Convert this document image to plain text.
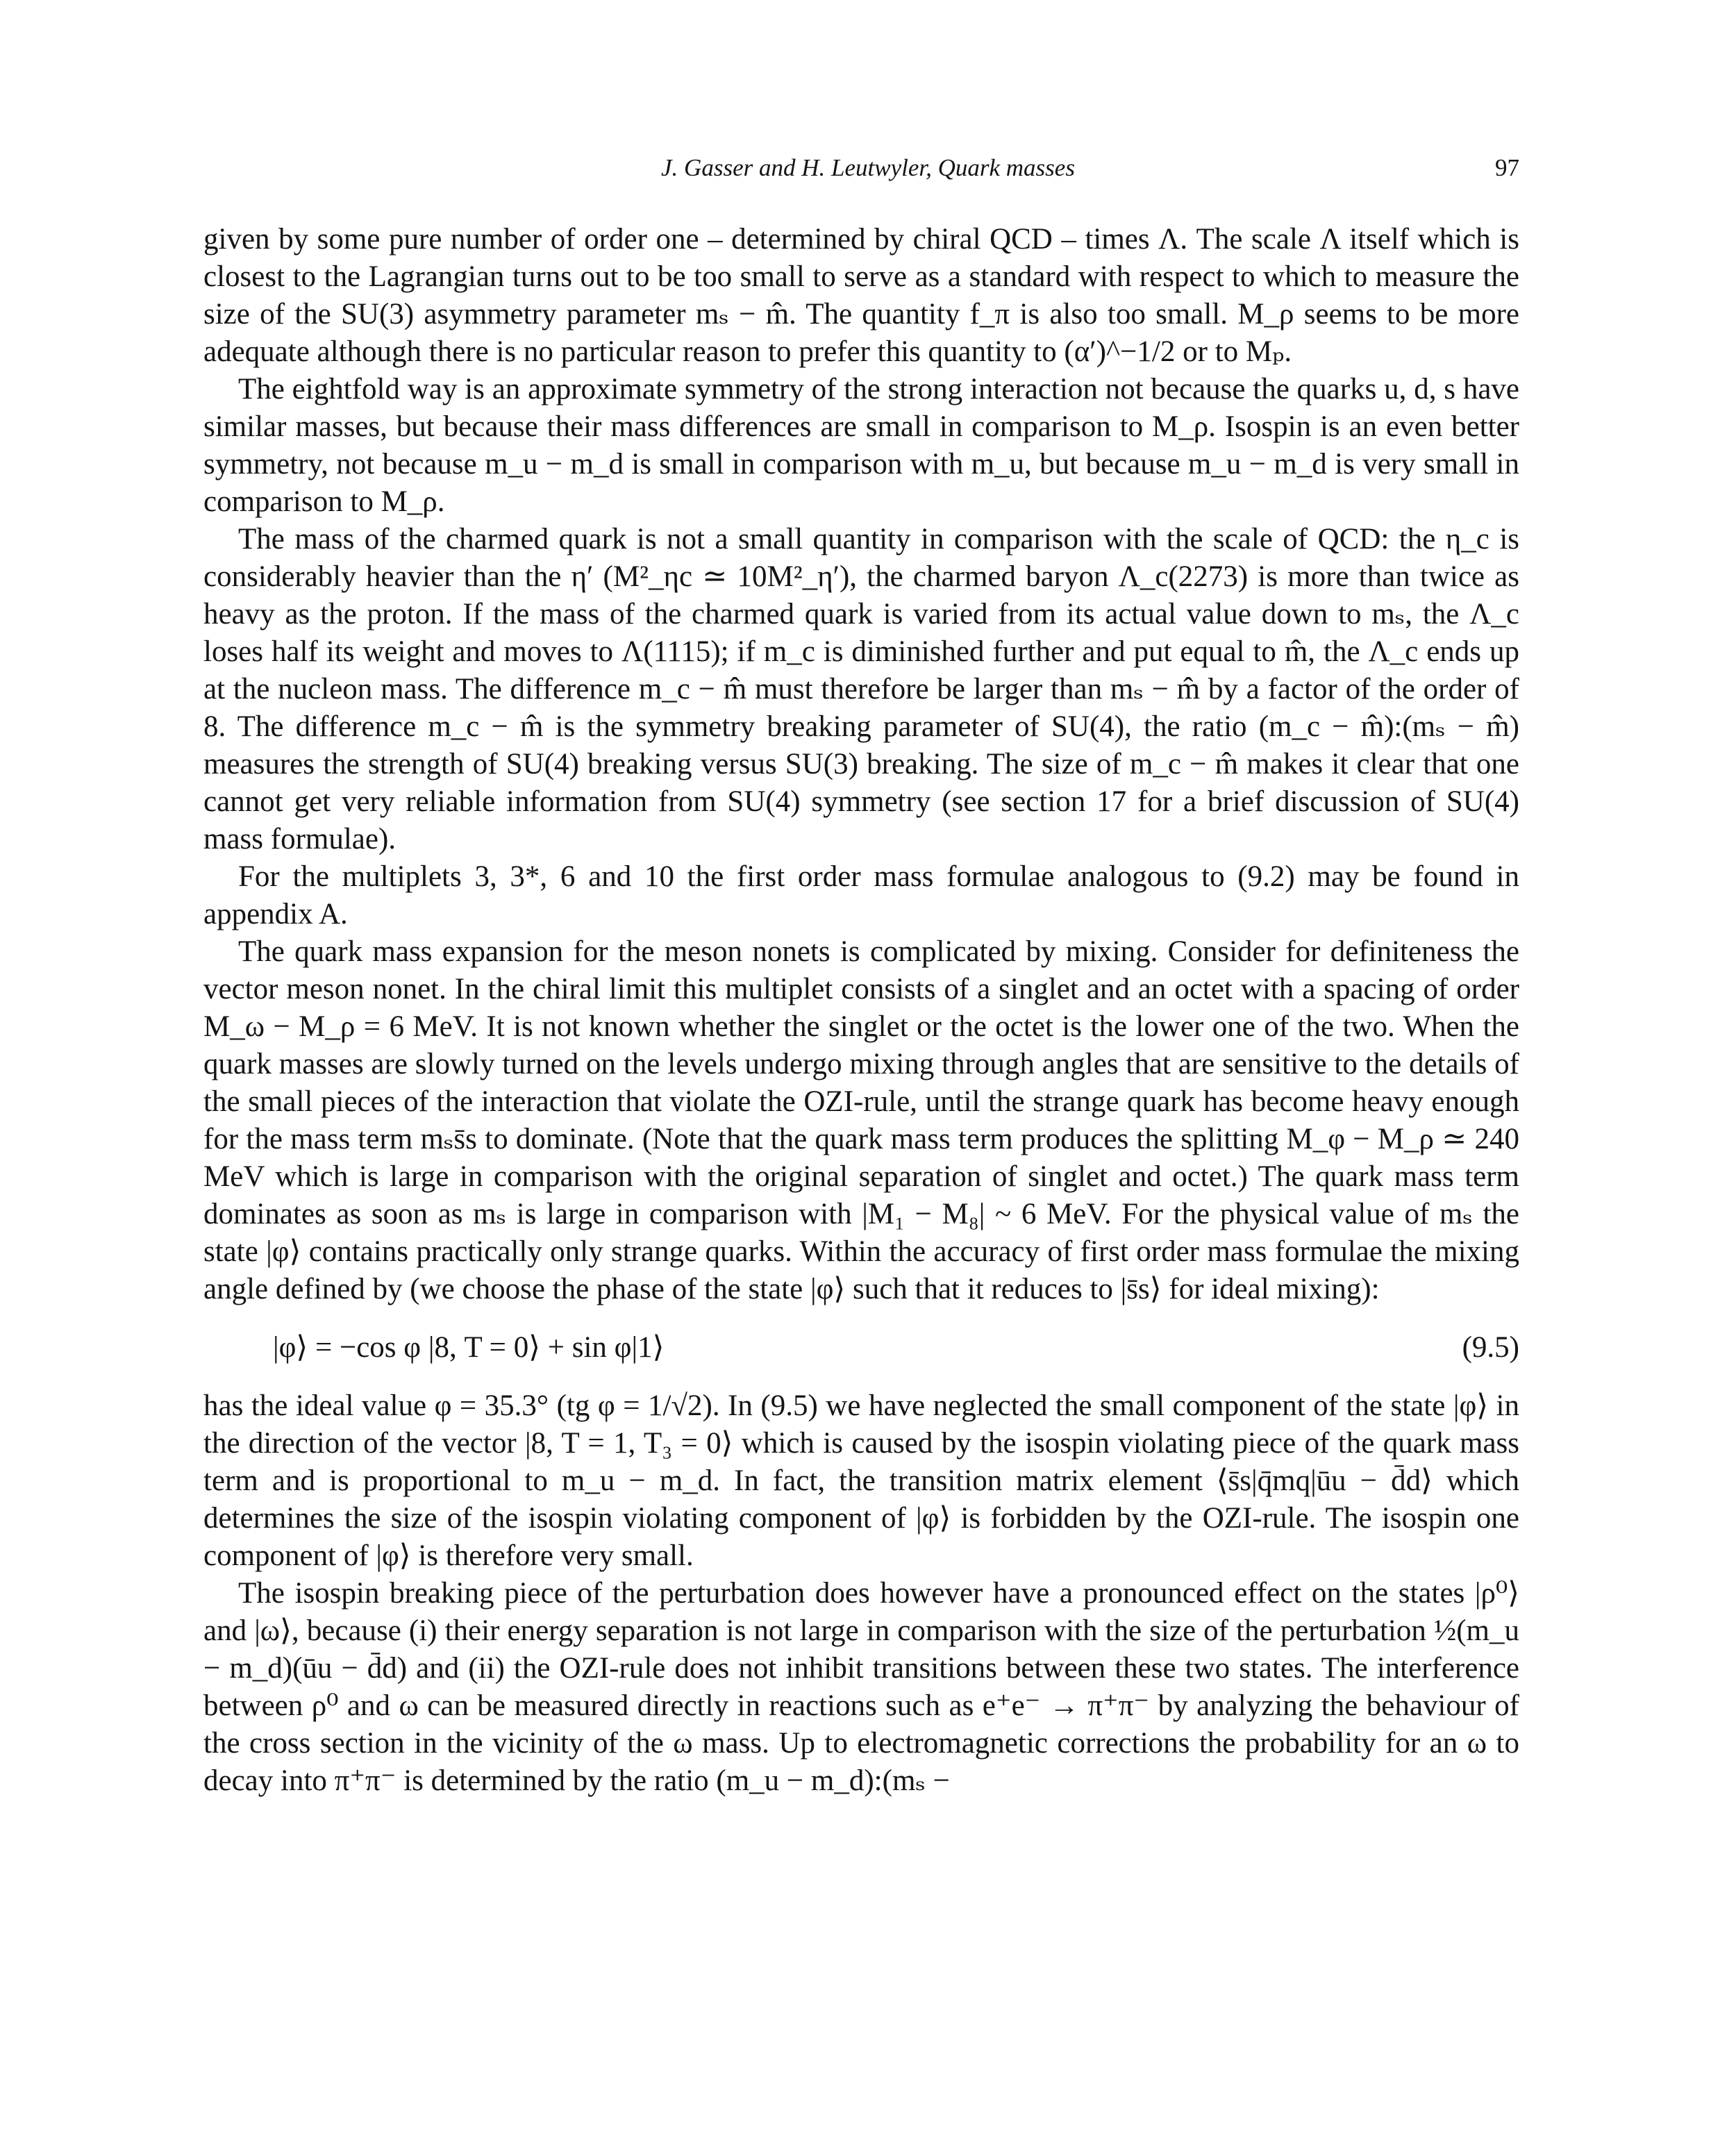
J. Gasser and H. Leutwyler, Quark masses	97

given by some pure number of order one – determined by chiral QCD – times Λ. The scale Λ itself which is closest to the Lagrangian turns out to be too small to serve as a standard with respect to which to measure the size of the SU(3) asymmetry parameter mₛ − m̂. The quantity f_π is also too small. M_ρ seems to be more adequate although there is no particular reason to prefer this quantity to (α′)^−1/2 or to Mₚ.

The eightfold way is an approximate symmetry of the strong interaction not because the quarks u, d, s have similar masses, but because their mass differences are small in comparison to M_ρ. Isospin is an even better symmetry, not because m_u − m_d is small in comparison with m_u, but because m_u − m_d is very small in comparison to M_ρ.

The mass of the charmed quark is not a small quantity in comparison with the scale of QCD: the η_c is considerably heavier than the η′ (M²_ηc ≃ 10M²_η′), the charmed baryon Λ_c(2273) is more than twice as heavy as the proton. If the mass of the charmed quark is varied from its actual value down to mₛ, the Λ_c loses half its weight and moves to Λ(1115); if m_c is diminished further and put equal to m̂, the Λ_c ends up at the nucleon mass. The difference m_c − m̂ must therefore be larger than mₛ − m̂ by a factor of the order of 8. The difference m_c − m̂ is the symmetry breaking parameter of SU(4), the ratio (m_c − m̂):(mₛ − m̂) measures the strength of SU(4) breaking versus SU(3) breaking. The size of m_c − m̂ makes it clear that one cannot get very reliable information from SU(4) symmetry (see section 17 for a brief discussion of SU(4) mass formulae).

For the multiplets 3, 3*, 6 and 10 the first order mass formulae analogous to (9.2) may be found in appendix A.

The quark mass expansion for the meson nonets is complicated by mixing. Consider for definiteness the vector meson nonet. In the chiral limit this multiplet consists of a singlet and an octet with a spacing of order M_ω − M_ρ = 6 MeV. It is not known whether the singlet or the octet is the lower one of the two. When the quark masses are slowly turned on the levels undergo mixing through angles that are sensitive to the details of the small pieces of the interaction that violate the OZI-rule, until the strange quark has become heavy enough for the mass term mₛs̄s to dominate. (Note that the quark mass term produces the splitting M_φ − M_ρ ≃ 240 MeV which is large in comparison with the original separation of singlet and octet.) The quark mass term dominates as soon as mₛ is large in comparison with |M₁ − M₈| ~ 6 MeV. For the physical value of mₛ the state |φ⟩ contains practically only strange quarks. Within the accuracy of first order mass formulae the mixing angle defined by (we choose the phase of the state |φ⟩ such that it reduces to |s̄s⟩ for ideal mixing):

|φ⟩ = −cos φ |8, T = 0⟩ + sin φ|1⟩	(9.5)

has the ideal value φ = 35.3° (tg φ = 1/√2). In (9.5) we have neglected the small component of the state |φ⟩ in the direction of the vector |8, T = 1, T₃ = 0⟩ which is caused by the isospin violating piece of the quark mass term and is proportional to m_u − m_d. In fact, the transition matrix element ⟨s̄s|q̄mq|ūu − d̄d⟩ which determines the size of the isospin violating component of |φ⟩ is forbidden by the OZI-rule. The isospin one component of |φ⟩ is therefore very small.

The isospin breaking piece of the perturbation does however have a pronounced effect on the states |ρ⁰⟩ and |ω⟩, because (i) their energy separation is not large in comparison with the size of the perturbation ½(m_u − m_d)(ūu − d̄d) and (ii) the OZI-rule does not inhibit transitions between these two states. The interference between ρ⁰ and ω can be measured directly in reactions such as e⁺e⁻ → π⁺π⁻ by analyzing the behaviour of the cross section in the vicinity of the ω mass. Up to electromagnetic corrections the probability for an ω to decay into π⁺π⁻ is determined by the ratio (m_u − m_d):(mₛ −
